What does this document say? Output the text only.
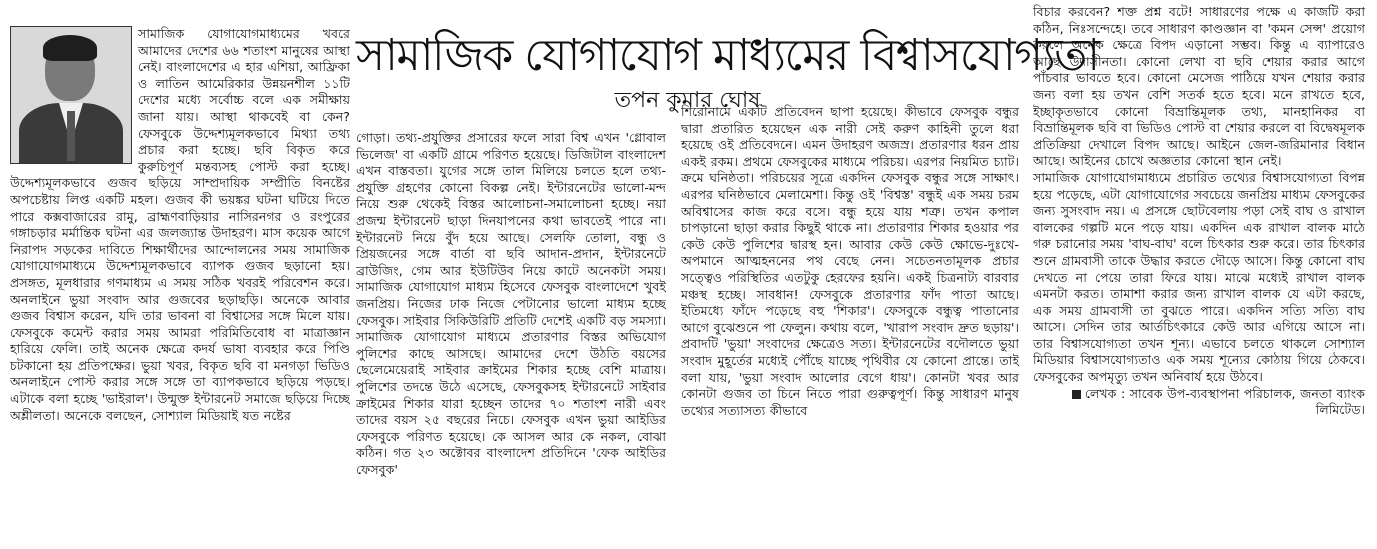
সামাজিক যোগাযোগমাধ্যমের খবরে আমাদের দেশের ৬৬ শতাংশ মানুষের আস্থা নেই। বাংলাদেশের এ হার এশিয়া, আফ্রিকা ও লাতিন আমেরিকার উন্নয়নশীল ১১টি দেশের মধ্যে সর্বোচ্চ বলে এক সমীক্ষায় জানা যায়। আস্থা থাকবেই বা কেন? ফেসবুকে উদ্দেশ্যমূলকভাবে মিথ্যা তথ্য প্রচার করা হচ্ছে। ছবি বিকৃত করে কুরুচিপূর্ণ মন্তব্যসহ পোস্ট করা হচ্ছে। উদ্দেশ্যমূলকভাবে গুজব ছড়িয়ে সাম্প্রদায়িক সম্প্রীতি বিনষ্টের অপচেষ্টায় লিপ্ত একটি মহল। গুজব কী ভয়ঙ্কর ঘটনা ঘটিয়ে দিতে পারে কক্সবাজারের রামু, ব্রাহ্মণবাড়িয়ার নাসিরনগর ও রংপুরের গঙ্গাচড়ার মর্মান্তিক ঘটনা এর জলজ্যান্ত উদাহরণ। মাস কয়েক আগে নিরাপদ সড়কের দাবিতে শিক্ষার্থীদের আন্দোলনের সময় সামাজিক যোগাযোগমাধ্যমে উদ্দেশ্যমূলকভাবে ব্যাপক গুজব ছড়ানো হয়। প্রসঙ্গত, মূলধারার গণমাধ্যম এ সময় সঠিক খবরই পরিবেশন করে। অনলাইনে ভুয়া সংবাদ আর গুজবের ছড়াছড়ি। অনেকে আবার গুজব বিশ্বাস করেন, যদি তার ভাবনা বা বিশ্বাসের সঙ্গে মিলে যায়। ফেসবুকে কমেন্ট করার সময় আমরা পরিমিতিবোধ বা মাত্রাজ্ঞান হারিয়ে ফেলি। তাই অনেক ক্ষেত্রে কদর্য ভাষা ব্যবহার করে পিণ্ডি চটকানো হয় প্রতিপক্ষের। ভুয়া খবর, বিকৃত ছবি বা মনগড়া ভিডিও অনলাইনে পোস্ট করার সঙ্গে সঙ্গে তা ব্যাপকভাবে ছড়িয়ে পড়ছে। এটাকে বলা হচ্ছে 'ভাইরাল'। উন্মুক্ত ইন্টারনেট সমাজে ছড়িয়ে দিচ্ছে অশ্লীলতা। অনেকে বলছেন, সোশ্যাল মিডিয়াই যত নষ্টের

সামাজিক যোগাযোগ মাধ্যমের বিশ্বাসযোগ্যতা
তপন কুমার ঘোষ

গোড়া। তথ্য-প্রযুক্তির প্রসারের ফলে সারা বিশ্ব এখন 'গ্লোবাল ভিলেজ' বা একটি গ্রামে পরিণত হয়েছে। ডিজিটাল বাংলাদেশ এখন বাস্তবতা। যুগের সঙ্গে তাল মিলিয়ে চলতে হলে তথ্য-প্রযুক্তি গ্রহণের কোনো বিকল্প নেই। ইন্টারনেটের ভালো-মন্দ নিয়ে শুরু থেকেই বিস্তর আলোচনা-সমালোচনা হচ্ছে। নয়া প্রজন্ম ইন্টারনেট ছাড়া দিনযাপনের কথা ভাবতেই পারে না। ইন্টারনেট নিয়ে বুঁদ হয়ে আছে। সেলফি তোলা, বন্ধু ও প্রিয়জনের সঙ্গে বার্তা বা ছবি আদান-প্রদান, ইন্টারনেটে ব্রাউজিং, গেম আর ইউটিউব নিয়ে কাটে অনেকটা সময়। সামাজিক যোগাযোগ মাধ্যম হিসেবে ফেসবুক বাংলাদেশে খুবই জনপ্রিয়। নিজের ঢাক নিজে পেটানোর ভালো মাধ্যম হচ্ছে ফেসবুক। সাইবার সিকিউরিটি প্রতিটি দেশেই একটি বড় সমস্যা। সামাজিক যোগাযোগ মাধ্যমে প্রতারণার বিস্তর অভিযোগ পুলিশের কাছে আসছে। আমাদের দেশে উঠতি বয়সের ছেলেমেয়েরাই সাইবার ক্রাইমের শিকার হচ্ছে বেশি মাত্রায়। পুলিশের তদন্তে উঠে এসেছে, ফেসবুকসহ ইন্টারনেটে সাইবার ক্রাইমের শিকার যারা হচ্ছেন তাদের ৭০ শতাংশ নারী এবং তাদের বয়স ২৫ বছরের নিচে। ফেসবুক এখন ভুয়া আইডির ফেসবুকে পরিণত হয়েছে। কে আসল আর কে নকল, বোঝা কঠিন। গত ২৩ অক্টোবর বাংলাদেশ প্রতিদিনে 'ফেক আইডির ফেসবুক'

শিরোনামে একটি প্রতিবেদন ছাপা হয়েছে। কীভাবে ফেসবুক বন্ধুর দ্বারা প্রতারিত হয়েছেন এক নারী সেই করুণ কাহিনী তুলে ধরা হয়েছে ওই প্রতিবেদনে। এমন উদাহরণ অজস্র। প্রতারণার ধরন প্রায় একই রকম। প্রথমে ফেসবুকের মাধ্যমে পরিচয়। এরপর নিয়মিত চ্যাট। ক্রমে ঘনিষ্ঠতা। পরিচয়ের সূত্রে একদিন ফেসবুক বন্ধুর সঙ্গে সাক্ষাৎ। এরপর ঘনিষ্ঠভাবে মেলামেশা। কিন্তু ওই 'বিশ্বস্ত' বন্ধুই এক সময় চরম অবিশ্বাসের কাজ করে বসে। বন্ধু হয়ে যায় শত্রু। তখন কপাল চাপড়ানো ছাড়া করার কিছুই থাকে না। প্রতারণার শিকার হওয়ার পর কেউ কেউ পুলিশের দ্বারস্থ হন। আবার কেউ কেউ ক্ষোভে-দুঃখে-অপমানে আত্মহননের পথ বেছে নেন। সচেতনতামূলক প্রচার সত্ত্বেও পরিস্থিতির এতটুকু হেরফের হয়নি। একই চিত্রনাট্য বারবার মঞ্চস্থ হচ্ছে। সাবধান! ফেসবুকে প্রতারণার ফাঁদ পাতা আছে। ইতিমধ্যে ফাঁদে পড়েছে বহু 'শিকার'। ফেসবুকে বন্ধুত্ব পাতানোর আগে বুঝেশুনে পা ফেলুন। কথায় বলে, 'খারাপ সংবাদ দ্রুত ছড়ায়'। প্রবাদটি 'ভুয়া' সংবাদের ক্ষেত্রেও সত্য। ইন্টারনেটের বদৌলতে ভুয়া সংবাদ মুহূর্তের মধ্যেই পৌঁছে যাচ্ছে পৃথিবীর যে কোনো প্রান্তে। তাই বলা যায়, 'ভুয়া সংবাদ আলোর বেগে ধায়'। কোনটা খবর আর কোনটা গুজব তা চিনে নিতে পারা গুরুত্বপূর্ণ। কিন্তু সাধারণ মানুষ তথ্যের সত্যাসত্য কীভাবে

বিচার করবেন? শক্ত প্রশ্ন বটে! সাধারণের পক্ষে এ কাজটি করা কঠিন, নিঃসন্দেহে। তবে সাধারণ কাণ্ডজ্ঞান বা 'কমন সেন্স' প্রয়োগ করলে অনেক ক্ষেত্রে বিপদ এড়ানো সম্ভব। কিন্তু এ ব্যাপারেও আছে উদাসীনতা। কোনো লেখা বা ছবি শেয়ার করার আগে পাঁচবার ভাবতে হবে। কোনো মেসেজ পাঠিয়ে যখন শেয়ার করার জন্য বলা হয় তখন বেশি সতর্ক হতে হবে। মনে রাখতে হবে, ইচ্ছাকৃতভাবে কোনো বিভ্রান্তিমূলক তথ্য, মানহানিকর বা বিভ্রান্তিমূলক ছবি বা ভিডিও পোস্ট বা শেয়ার করলে বা বিদ্বেষমূলক প্রতিক্রিয়া দেখালে বিপদ আছে। আইনে জেল-জরিমানার বিধান আছে। আইনের চোখে অজ্ঞতার কোনো স্থান নেই।

সামাজিক যোগাযোগমাধ্যমে প্রচারিত তথ্যের বিশ্বাসযোগ্যতা বিপন্ন হয়ে পড়েছে, এটা যোগাযোগের সবচেয়ে জনপ্রিয় মাধ্যম ফেসবুকের জন্য সুসংবাদ নয়। এ প্রসঙ্গে ছোটবেলায় পড়া সেই বাঘ ও রাখাল বালকের গল্পটি মনে পড়ে যায়। একদিন এক রাখাল বালক মাঠে গরু চরানোর সময় 'বাঘ-বাঘ' বলে চিৎকার শুরু করে। তার চিৎকার শুনে গ্রামবাসী তাকে উদ্ধার করতে দৌড়ে আসে। কিন্তু কোনো বাঘ দেখতে না পেয়ে তারা ফিরে যায়। মাঝে মধ্যেই রাখাল বালক এমনটা করত। তামাশা করার জন্য রাখাল বালক যে এটা করছে, এক সময় গ্রামবাসী তা বুঝতে পারে। একদিন সত্যি সত্যি বাঘ আসে। সেদিন তার আর্তচিৎকারে কেউ আর এগিয়ে আসে না। তার বিশ্বাসযোগ্যতা তখন শূন্য। এভাবে চলতে থাকলে সোশ্যাল মিডিয়ার বিশ্বাসযোগ্যতাও এক সময় শূন্যের কোঠায় গিয়ে ঠেকবে। ফেসবুকের অপমৃত্যু তখন অনিবার্য হয়ে উঠবে।

লেখক : সাবেক উপ-ব্যবস্থাপনা পরিচালক, জনতা ব্যাংক লিমিটেড।
